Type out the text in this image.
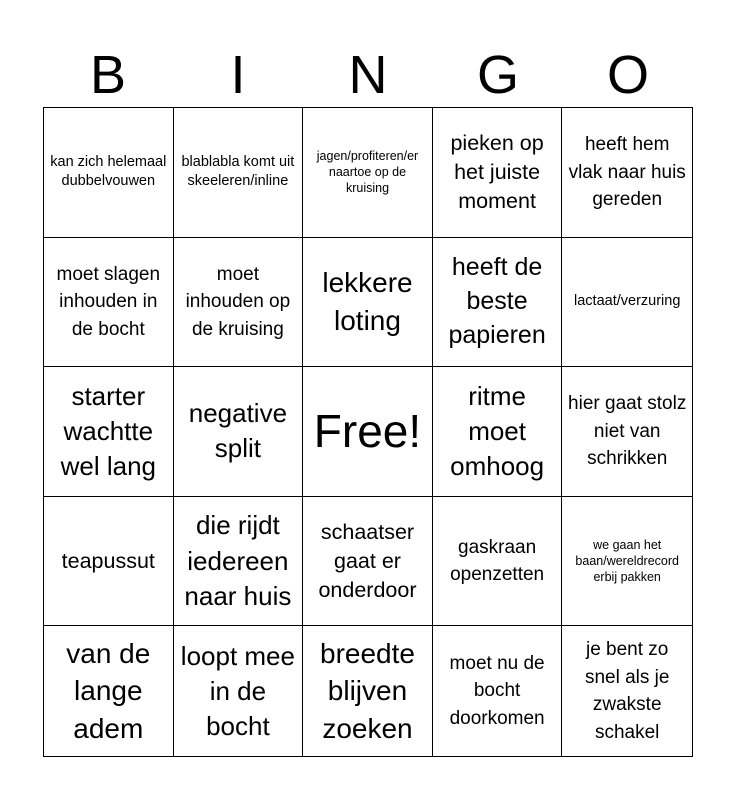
B	I	N	G	O
kan zich helemaal dubbelvouwen
blablabla komt uit skeeleren/inline
jagen/profiteren/er naartoe op de kruising
pieken op het juiste moment
heeft hem vlak naar huis gereden
moet slagen inhouden in de bocht
moet inhouden op de kruising
lekkere loting
heeft de beste papieren
lactaat/verzuring
starter wachtte wel lang
negative split	Free!
ritme moet omhoog
hier gaat stolz niet van schrikken
teapussut
die rijdt iedereen naar huis
schaatser gaat er onderdoor
gaskraan openzetten
we gaan het baan/wereldrecord erbij pakken
van de lange adem
loopt mee in de bocht
breedte blijven zoeken
moet nu de bocht doorkomen
je bent zo snel als je zwakste schakel
